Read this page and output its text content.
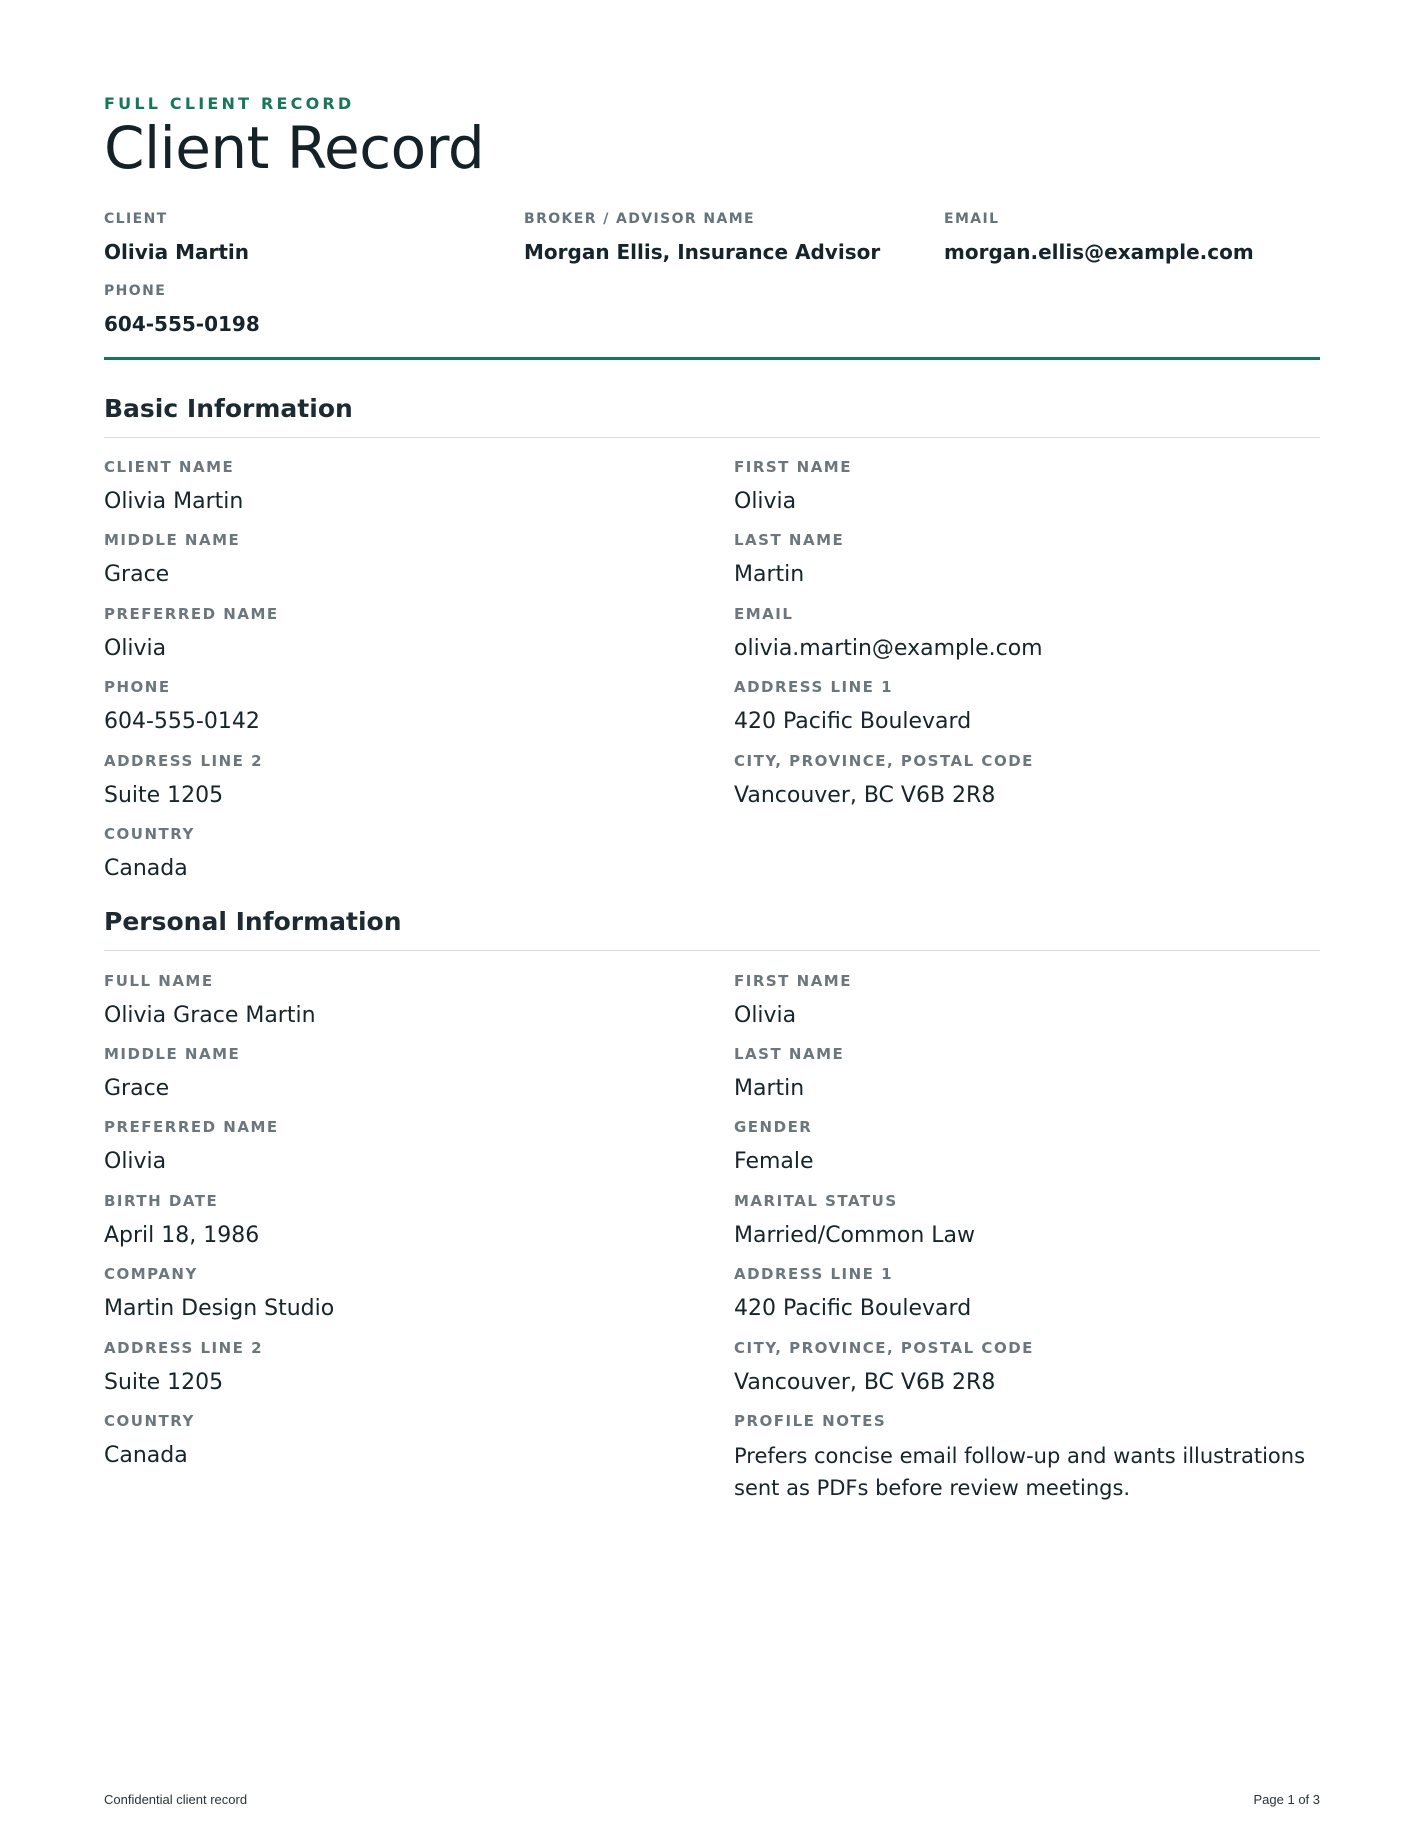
FULL CLIENT RECORD
Client Record
CLIENT
Olivia Martin
BROKER / ADVISOR NAME
Morgan Ellis, Insurance Advisor
EMAIL
morgan.ellis@example.com
PHONE
604-555-0198
Basic Information
CLIENT NAME
Olivia Martin
FIRST NAME
Olivia
MIDDLE NAME
Grace
LAST NAME
Martin
PREFERRED NAME
Olivia
EMAIL
olivia.martin@example.com
PHONE
604-555-0142
ADDRESS LINE 1
420 Pacific Boulevard
ADDRESS LINE 2
Suite 1205
CITY, PROVINCE, POSTAL CODE
Vancouver, BC V6B 2R8
COUNTRY
Canada
Personal Information
FULL NAME
Olivia Grace Martin
FIRST NAME
Olivia
MIDDLE NAME
Grace
LAST NAME
Martin
PREFERRED NAME
Olivia
GENDER
Female
BIRTH DATE
April 18, 1986
MARITAL STATUS
Married/Common Law
COMPANY
Martin Design Studio
ADDRESS LINE 1
420 Pacific Boulevard
ADDRESS LINE 2
Suite 1205
CITY, PROVINCE, POSTAL CODE
Vancouver, BC V6B 2R8
COUNTRY
Canada
PROFILE NOTES
Prefers concise email follow-up and wants illustrations sent as PDFs before review meetings.
Confidential client record	Page 1 of 3
